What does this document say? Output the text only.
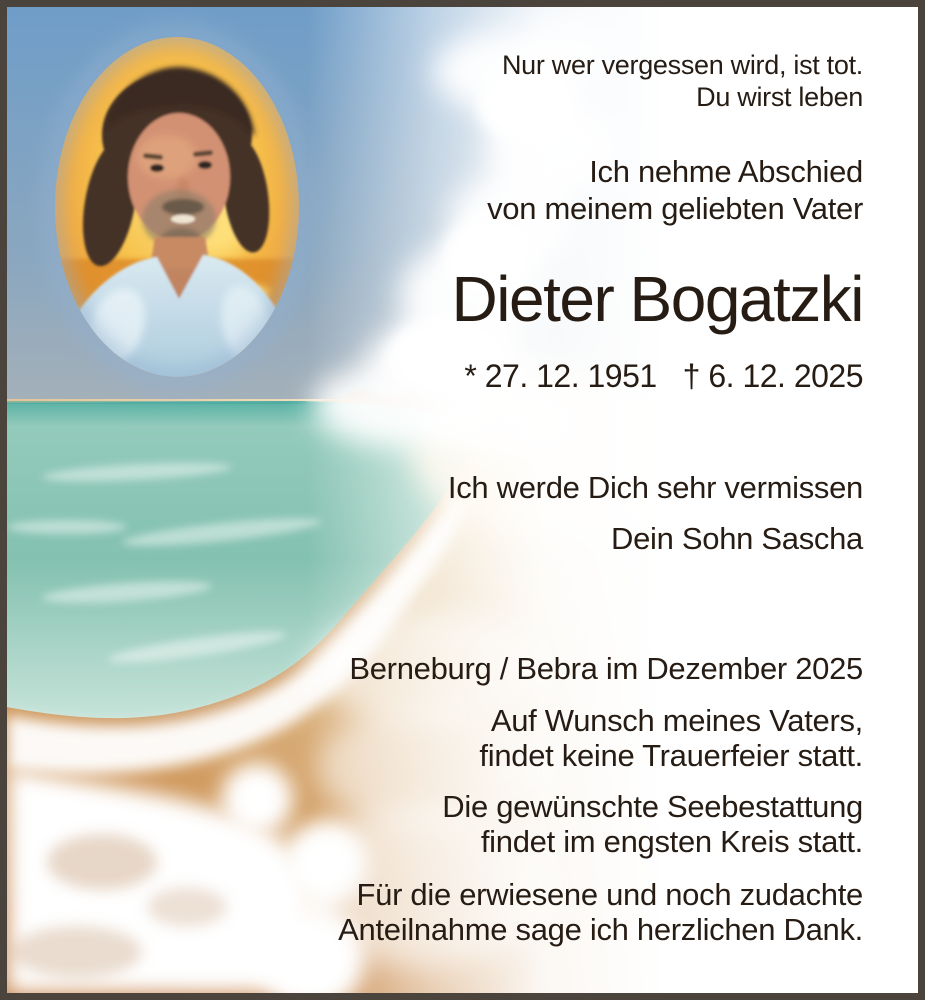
Nur wer vergessen wird, ist tot.
Du wirst leben
Ich nehme Abschied
von meinem geliebten Vater
Dieter Bogatzki
* 27. 12. 1951 † 6. 12. 2025
Ich werde Dich sehr vermissen
Dein Sohn Sascha
Berneburg / Bebra im Dezember 2025
Auf Wunsch meines Vaters,
findet keine Trauerfeier statt.
Die gewünschte Seebestattung
findet im engsten Kreis statt.
Für die erwiesene und noch zudachte
Anteilnahme sage ich herzlichen Dank.
